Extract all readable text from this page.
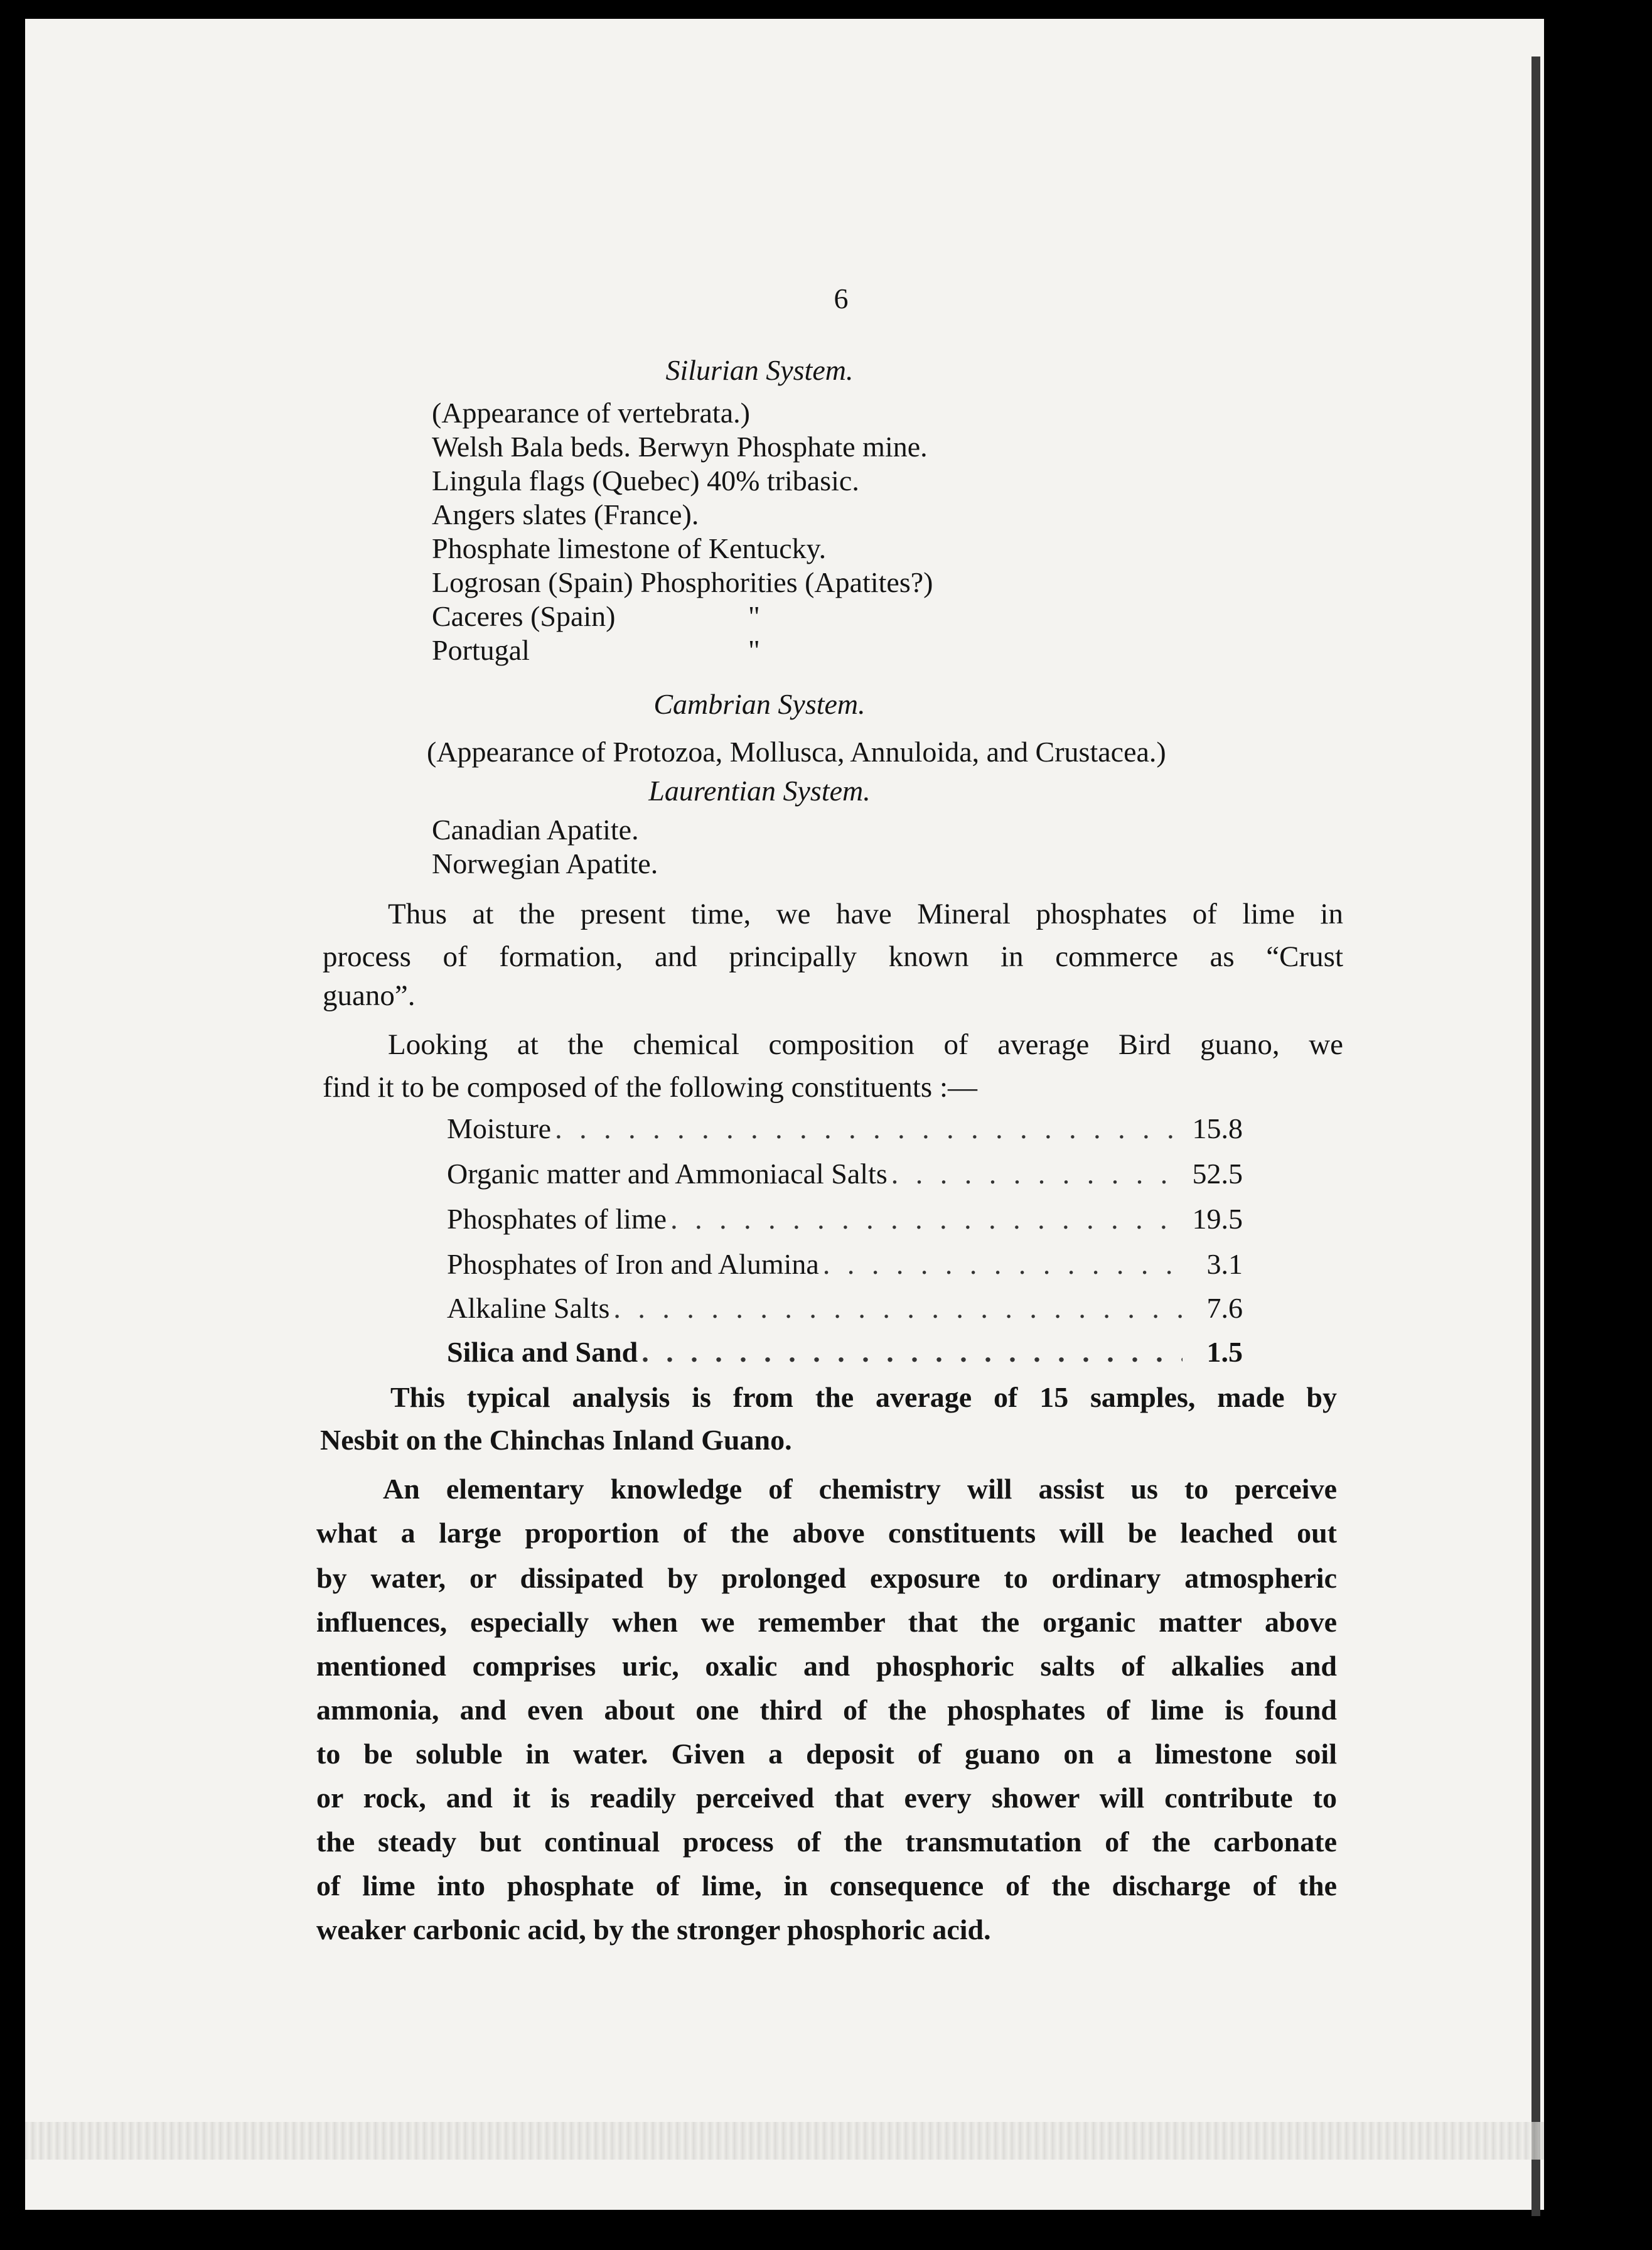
6
Silurian System.
(Appearance of vertebrata.)
Welsh Bala beds. Berwyn Phosphate mine.
Lingula flags (Quebec) 40% tribasic.
Angers slates (France).
Phosphate limestone of Kentucky.
Logrosan (Spain) Phosphorities (Apatites?)
Caceres (Spain)	"
Portugal	"
Cambrian System.
(Appearance of Protozoa, Mollusca, Annuloida, and Crustacea.)
Laurentian System.
Canadian Apatite.
Norwegian Apatite.
Thus at the present time, we have Mineral phosphates of lime in
process of formation, and principally known in commerce as “Crust
guano”.
Looking at the chemical composition of average Bird guano, we
find it to be composed of the following constituents :—
Moisture . . .	15.8
Organic matter and Ammoniacal Salts . . .	52.5
Phosphates of lime . . .	19.5
Phosphates of Iron and Alumina . . .	3.1
Alkaline Salts . . .	7.6
Silica and Sand . . .	1.5
This typical analysis is from the average of 15 samples, made by
Nesbit on the Chinchas Inland Guano.
An elementary knowledge of chemistry will assist us to perceive
what a large proportion of the above constituents will be leached out
by water, or dissipated by prolonged exposure to ordinary atmospheric
influences, especially when we remember that the organic matter above
mentioned comprises uric, oxalic and phosphoric salts of alkalies and
ammonia, and even about one third of the phosphates of lime is found
to be soluble in water. Given a deposit of guano on a limestone soil
or rock, and it is readily perceived that every shower will contribute to
the steady but continual process of the transmutation of the carbonate
of lime into phosphate of lime, in consequence of the discharge of the
weaker carbonic acid, by the stronger phosphoric acid.
